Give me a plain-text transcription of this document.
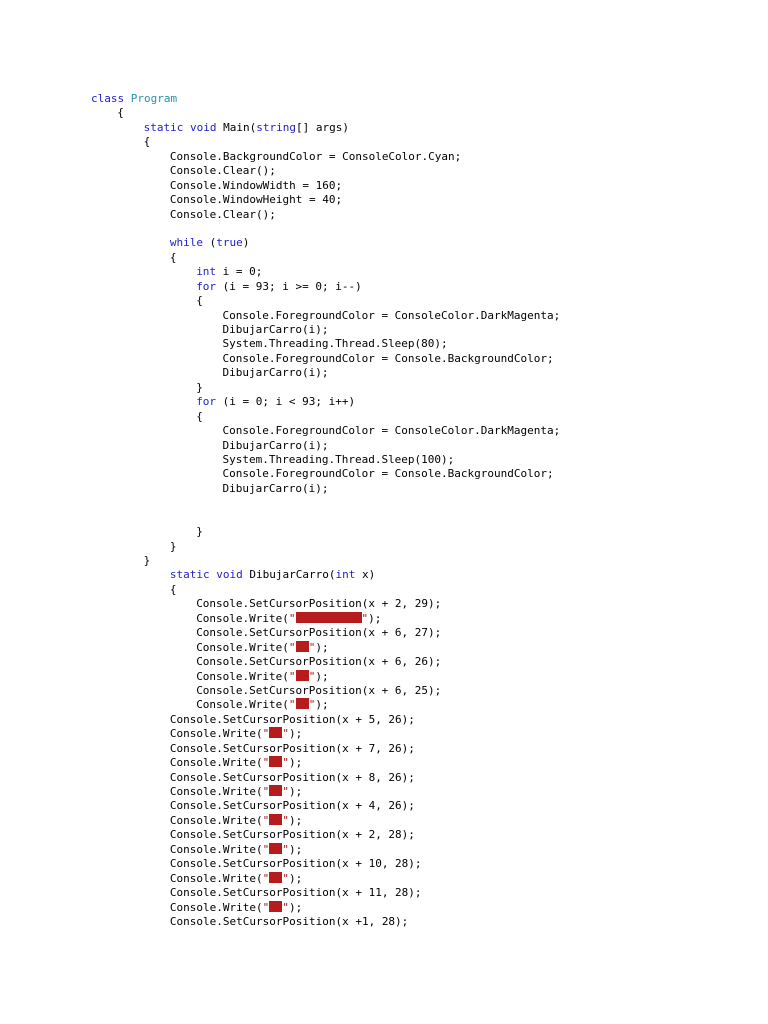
class Program
{
static void Main(string[] args)
{
Console.BackgroundColor = ConsoleColor.Cyan;
Console.Clear();
Console.WindowWidth = 160;
Console.WindowHeight = 40;
Console.Clear();
while (true)
{
int i = 0;
for (i = 93; i >= 0; i--)
{
Console.ForegroundColor = ConsoleColor.DarkMagenta;
DibujarCarro(i);
System.Threading.Thread.Sleep(80);
Console.ForegroundColor = Console.BackgroundColor;
DibujarCarro(i);
}
for (i = 0; i < 93; i++)
{
Console.ForegroundColor = ConsoleColor.DarkMagenta;
DibujarCarro(i);
System.Threading.Thread.Sleep(100);
Console.ForegroundColor = Console.BackgroundColor;
DibujarCarro(i);
}
}
}
static void DibujarCarro(int x)
{
Console.SetCursorPosition(x + 2, 29);
Console.Write("	");
Console.SetCursorPosition(x + 6, 27);
Console.Write(" ");
Console.SetCursorPosition(x + 6, 26);
Console.Write(" ");
Console.SetCursorPosition(x + 6, 25);
Console.Write(" ");
Console.SetCursorPosition(x + 5, 26);
Console.Write(" ");
Console.SetCursorPosition(x + 7, 26);
Console.Write(" ");
Console.SetCursorPosition(x + 8, 26);
Console.Write(" ");
Console.SetCursorPosition(x + 4, 26);
Console.Write(" ");
Console.SetCursorPosition(x + 2, 28);
Console.Write(" ");
Console.SetCursorPosition(x + 10, 28);
Console.Write(" ");
Console.SetCursorPosition(x + 11, 28);
Console.Write(" ");
Console.SetCursorPosition(x +1, 28);
